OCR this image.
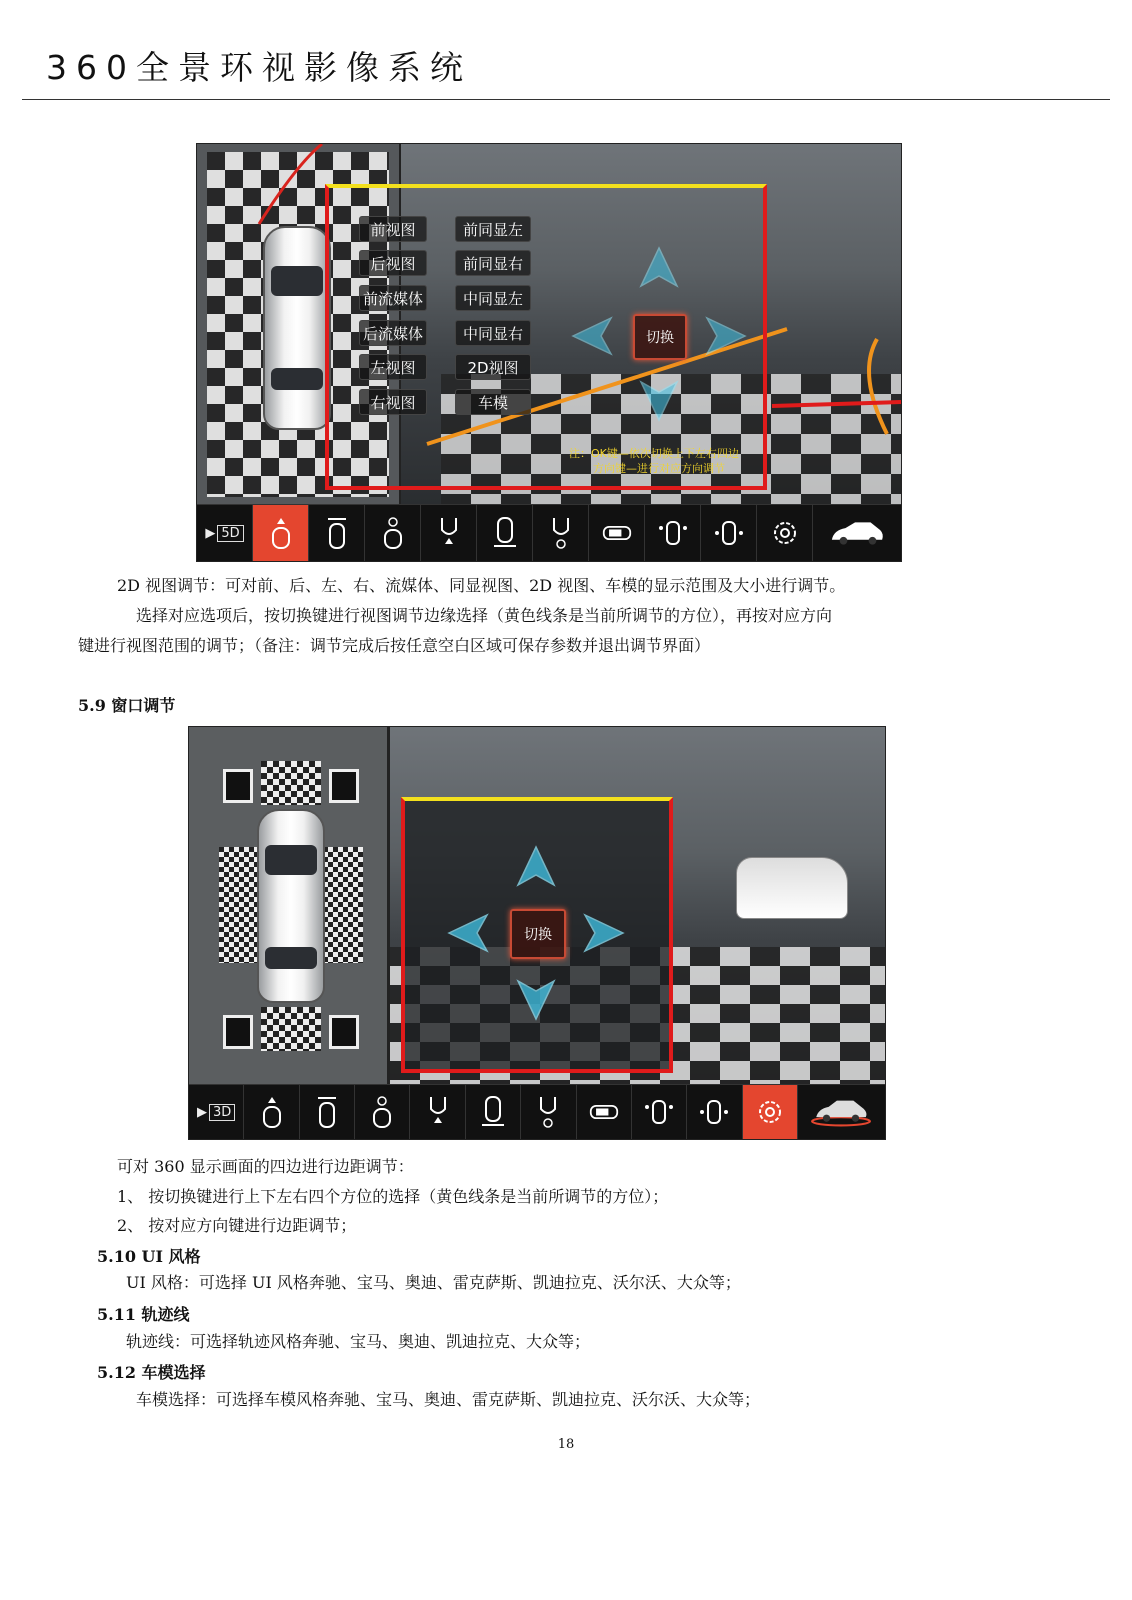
360全景环视影像系统
前视图
后视图
前流媒体
后流媒体
左视图
右视图
前同显左
前同显右
中同显左
中同显右
2D视图
车模
切换
注：OK键—依次切换上下左右四边
方向键—进行对应方向调节
▶ 5D
2D 视图调节：可对前、后、左、右、流媒体、同显视图、2D 视图、车模的显示范围及大小进行调节。
选择对应选项后，按切换键进行视图调节边缘选择（黄色线条是当前所调节的方位），再按对应方向
键进行视图范围的调节；（备注：调节完成后按任意空白区域可保存参数并退出调节界面）
5.9 窗口调节
切换
▶ 3D
可对 360 显示画面的四边进行边距调节：
1、 按切换键进行上下左右四个方位的选择（黄色线条是当前所调节的方位）；
2、 按对应方向键进行边距调节；
5.10 UI 风格
UI 风格：可选择 UI 风格奔驰、宝马、奥迪、雷克萨斯、凯迪拉克、沃尔沃、大众等；
5.11 轨迹线
轨迹线：可选择轨迹风格奔驰、宝马、奥迪、凯迪拉克、大众等；
5.12 车模选择
车模选择：可选择车模风格奔驰、宝马、奥迪、雷克萨斯、凯迪拉克、沃尔沃、大众等；
18
